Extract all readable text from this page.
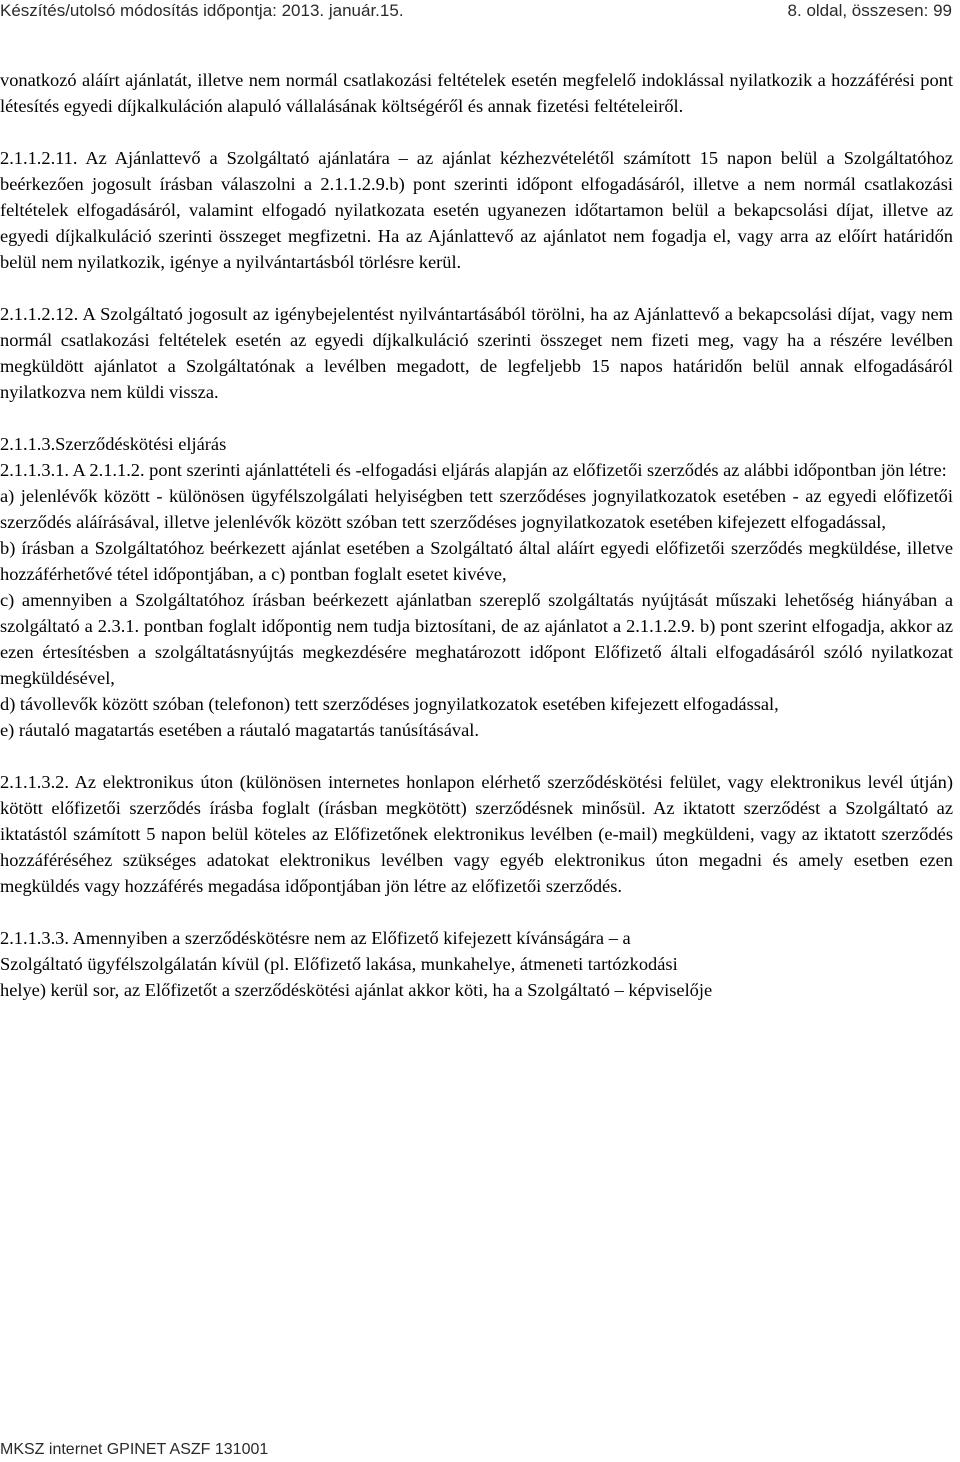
Készítés/utolsó módosítás időpontja: 2013. január.15.	8. oldal, összesen: 99

vonatkozó aláírt ajánlatát, illetve nem normál csatlakozási feltételek esetén megfelelő indoklással nyilatkozik a hozzáférési pont létesítés egyedi díjkalkuláción alapuló vállalásának költségéről és annak fizetési feltételeiről.

2.1.1.2.11. Az Ajánlattevő a Szolgáltató ajánlatára – az ajánlat kézhezvételétől számított 15 napon belül a Szolgáltatóhoz beérkezően jogosult írásban válaszolni a 2.1.1.2.9.b) pont szerinti időpont elfogadásáról, illetve a nem normál csatlakozási feltételek elfogadásáról, valamint elfogadó nyilatkozata esetén ugyanezen időtartamon belül a bekapcsolási díjat, illetve az egyedi díjkalkuláció szerinti összeget megfizetni. Ha az Ajánlattevő az ajánlatot nem fogadja el, vagy arra az előírt határidőn belül nem nyilatkozik, igénye a nyilvántartásból törlésre kerül.

2.1.1.2.12. A Szolgáltató jogosult az igénybejelentést nyilvántartásából törölni, ha az Ajánlattevő a bekapcsolási díjat, vagy nem normál csatlakozási feltételek esetén az egyedi díjkalkuláció szerinti összeget nem fizeti meg, vagy ha a részére levélben megküldött ajánlatot a Szolgáltatónak a levélben megadott, de legfeljebb 15 napos határidőn belül annak elfogadásáról nyilatkozva nem küldi vissza.

2.1.1.3.Szerződéskötési eljárás

2.1.1.3.1. A 2.1.1.2. pont szerinti ajánlattételi és -elfogadási eljárás alapján az előfizetői szerződés az alábbi időpontban jön létre:

a) jelenlévők között - különösen ügyfélszolgálati helyiségben tett szerződéses jognyilatkozatok esetében - az egyedi előfizetői szerződés aláírásával, illetve jelenlévők között szóban tett szerződéses jognyilatkozatok esetében kifejezett elfogadással,

b) írásban a Szolgáltatóhoz beérkezett ajánlat esetében a Szolgáltató által aláírt egyedi előfizetői szerződés megküldése, illetve hozzáférhetővé tétel időpontjában, a c) pontban foglalt esetet kivéve,

c) amennyiben a Szolgáltatóhoz írásban beérkezett ajánlatban szereplő szolgáltatás nyújtását műszaki lehetőség hiányában a szolgáltató a 2.3.1. pontban foglalt időpontig nem tudja biztosítani, de az ajánlatot a 2.1.1.2.9. b) pont szerint elfogadja, akkor az ezen értesítésben a szolgáltatásnyújtás megkezdésére meghatározott időpont Előfizető általi elfogadásáról szóló nyilatkozat megküldésével,

d) távollevők között szóban (telefonon) tett szerződéses jognyilatkozatok esetében kifejezett elfogadással,

e) ráutaló magatartás esetében a ráutaló magatartás tanúsításával.

2.1.1.3.2. Az elektronikus úton (különösen internetes honlapon elérhető szerződéskötési felület, vagy elektronikus levél útján) kötött előfizetői szerződés írásba foglalt (írásban megkötött) szerződésnek minősül. Az iktatott szerződést a Szolgáltató az iktatástól számított 5 napon belül köteles az Előfizetőnek elektronikus levélben (e-mail) megküldeni, vagy az iktatott szerződés hozzáféréséhez szükséges adatokat elektronikus levélben vagy egyéb elektronikus úton megadni és amely esetben ezen megküldés vagy hozzáférés megadása időpontjában jön létre az előfizetői szerződés.

2.1.1.3.3. Amennyiben a szerződéskötésre nem az Előfizető kifejezett kívánságára – a

Szolgáltató ügyfélszolgálatán kívül (pl. Előfizető lakása, munkahelye, átmeneti tartózkodási

helye) kerül sor, az Előfizetőt a szerződéskötési ajánlat akkor köti, ha a Szolgáltató – képviselője

MKSZ internet GPINET ASZF 131001
